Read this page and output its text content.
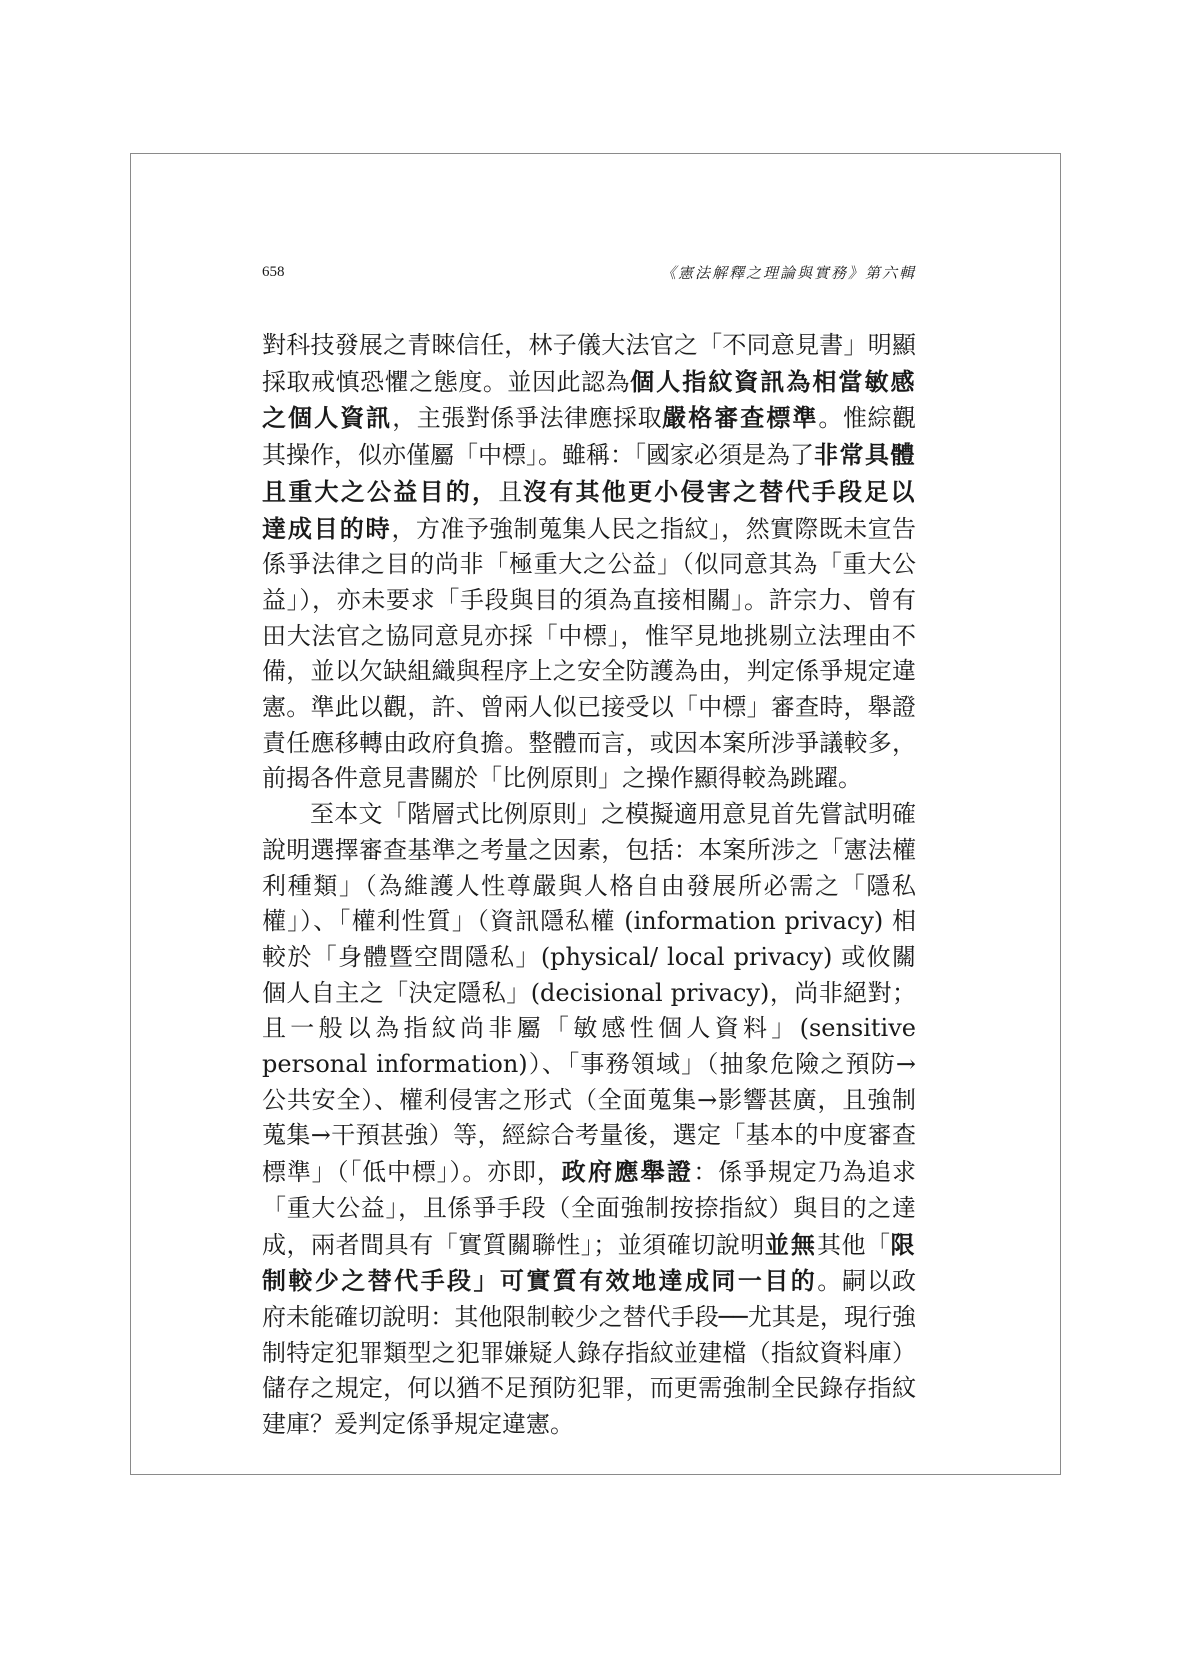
658	《憲法解釋之理論與實務》第六輯

對科技發展之青睞信任，林子儀大法官之「不同意見書」明顯採取戒慎恐懼之態度。並因此認為個人指紋資訊為相當敏感之個人資訊，主張對係爭法律應採取嚴格審查標準。惟綜觀其操作，似亦僅屬「中標」。雖稱：「國家必須是為了非常具體且重大之公益目的，且沒有其他更小侵害之替代手段足以達成目的時，方准予強制蒐集人民之指紋」，然實際既未宣告係爭法律之目的尚非「極重大之公益」（似同意其為「重大公益」），亦未要求「手段與目的須為直接相關」。許宗力、曾有田大法官之協同意見亦採「中標」，惟罕見地挑剔立法理由不備，並以欠缺組織與程序上之安全防護為由，判定係爭規定違憲。準此以觀，許、曾兩人似已接受以「中標」審查時，舉證責任應移轉由政府負擔。整體而言，或因本案所涉爭議較多，前揭各件意見書關於「比例原則」之操作顯得較為跳躍。

至本文「階層式比例原則」之模擬適用意見首先嘗試明確說明選擇審查基準之考量之因素，包括：本案所涉之「憲法權利種類」（為維護人性尊嚴與人格自由發展所必需之「隱私權」）、「權利性質」（資訊隱私權 (information privacy) 相較於「身體暨空間隱私」(physical/ local privacy) 或攸關個人自主之「決定隱私」(decisional privacy)，尚非絕對；且一般以為指紋尚非屬「敏感性個人資料」(sensitive personal information)）、「事務領域」（抽象危險之預防→公共安全）、權利侵害之形式（全面蒐集→影響甚廣，且強制蒐集→干預甚強）等，經綜合考量後，選定「基本的中度審查標準」（「低中標」）。亦即，政府應舉證：係爭規定乃為追求「重大公益」，且係爭手段（全面強制按捺指紋）與目的之達成，兩者間具有「實質關聯性」；並須確切說明並無其他「限制較少之替代手段」可實質有效地達成同一目的。嗣以政府未能確切說明：其他限制較少之替代手段──尤其是，現行強制特定犯罪類型之犯罪嫌疑人錄存指紋並建檔（指紋資料庫）儲存之規定，何以猶不足預防犯罪，而更需強制全民錄存指紋建庫？爰判定係爭規定違憲。
